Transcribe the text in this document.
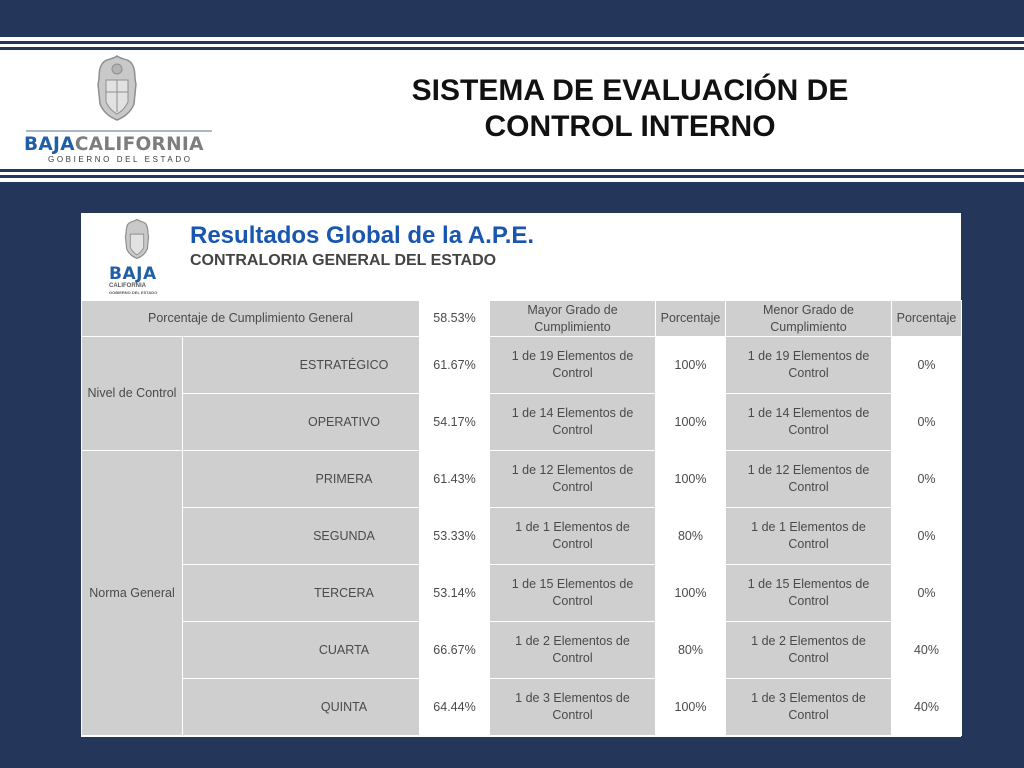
BAJACALIFORNIA
GOBIERNO DEL ESTADO
SISTEMA DE EVALUACIÓN DE
CONTROL INTERNO
BAJA
CALIFORNIA
GOBIERNO DEL ESTADO
Resultados Global de la A.P.E.
CONTRALORIA GENERAL DEL ESTADO
Porcentaje de Cumplimiento General		58.53%	Mayor Grado de Cumplimiento	Porcentaje	Menor Grado de Cumplimiento	Porcentaje
Nivel de Control	ESTRATÉGICO	61.67%	1 de 19 Elementos de Control	100%	1 de 19 Elementos de Control	0%
	OPERATIVO	54.17%	1 de 14 Elementos de Control	100%	1 de 14 Elementos de Control	0%
Norma General	PRIMERA	61.43%	1 de 12 Elementos de Control	100%	1 de 12 Elementos de Control	0%
	SEGUNDA	53.33%	1 de 1 Elementos de Control	80%	1 de 1 Elementos de Control	0%
	TERCERA	53.14%	1 de 15 Elementos de Control	100%	1 de 15 Elementos de Control	0%
	CUARTA	66.67%	1 de 2 Elementos de Control	80%	1 de 2 Elementos de Control	40%
	QUINTA	64.44%	1 de 3 Elementos de Control	100%	1 de 3 Elementos de Control	40%
